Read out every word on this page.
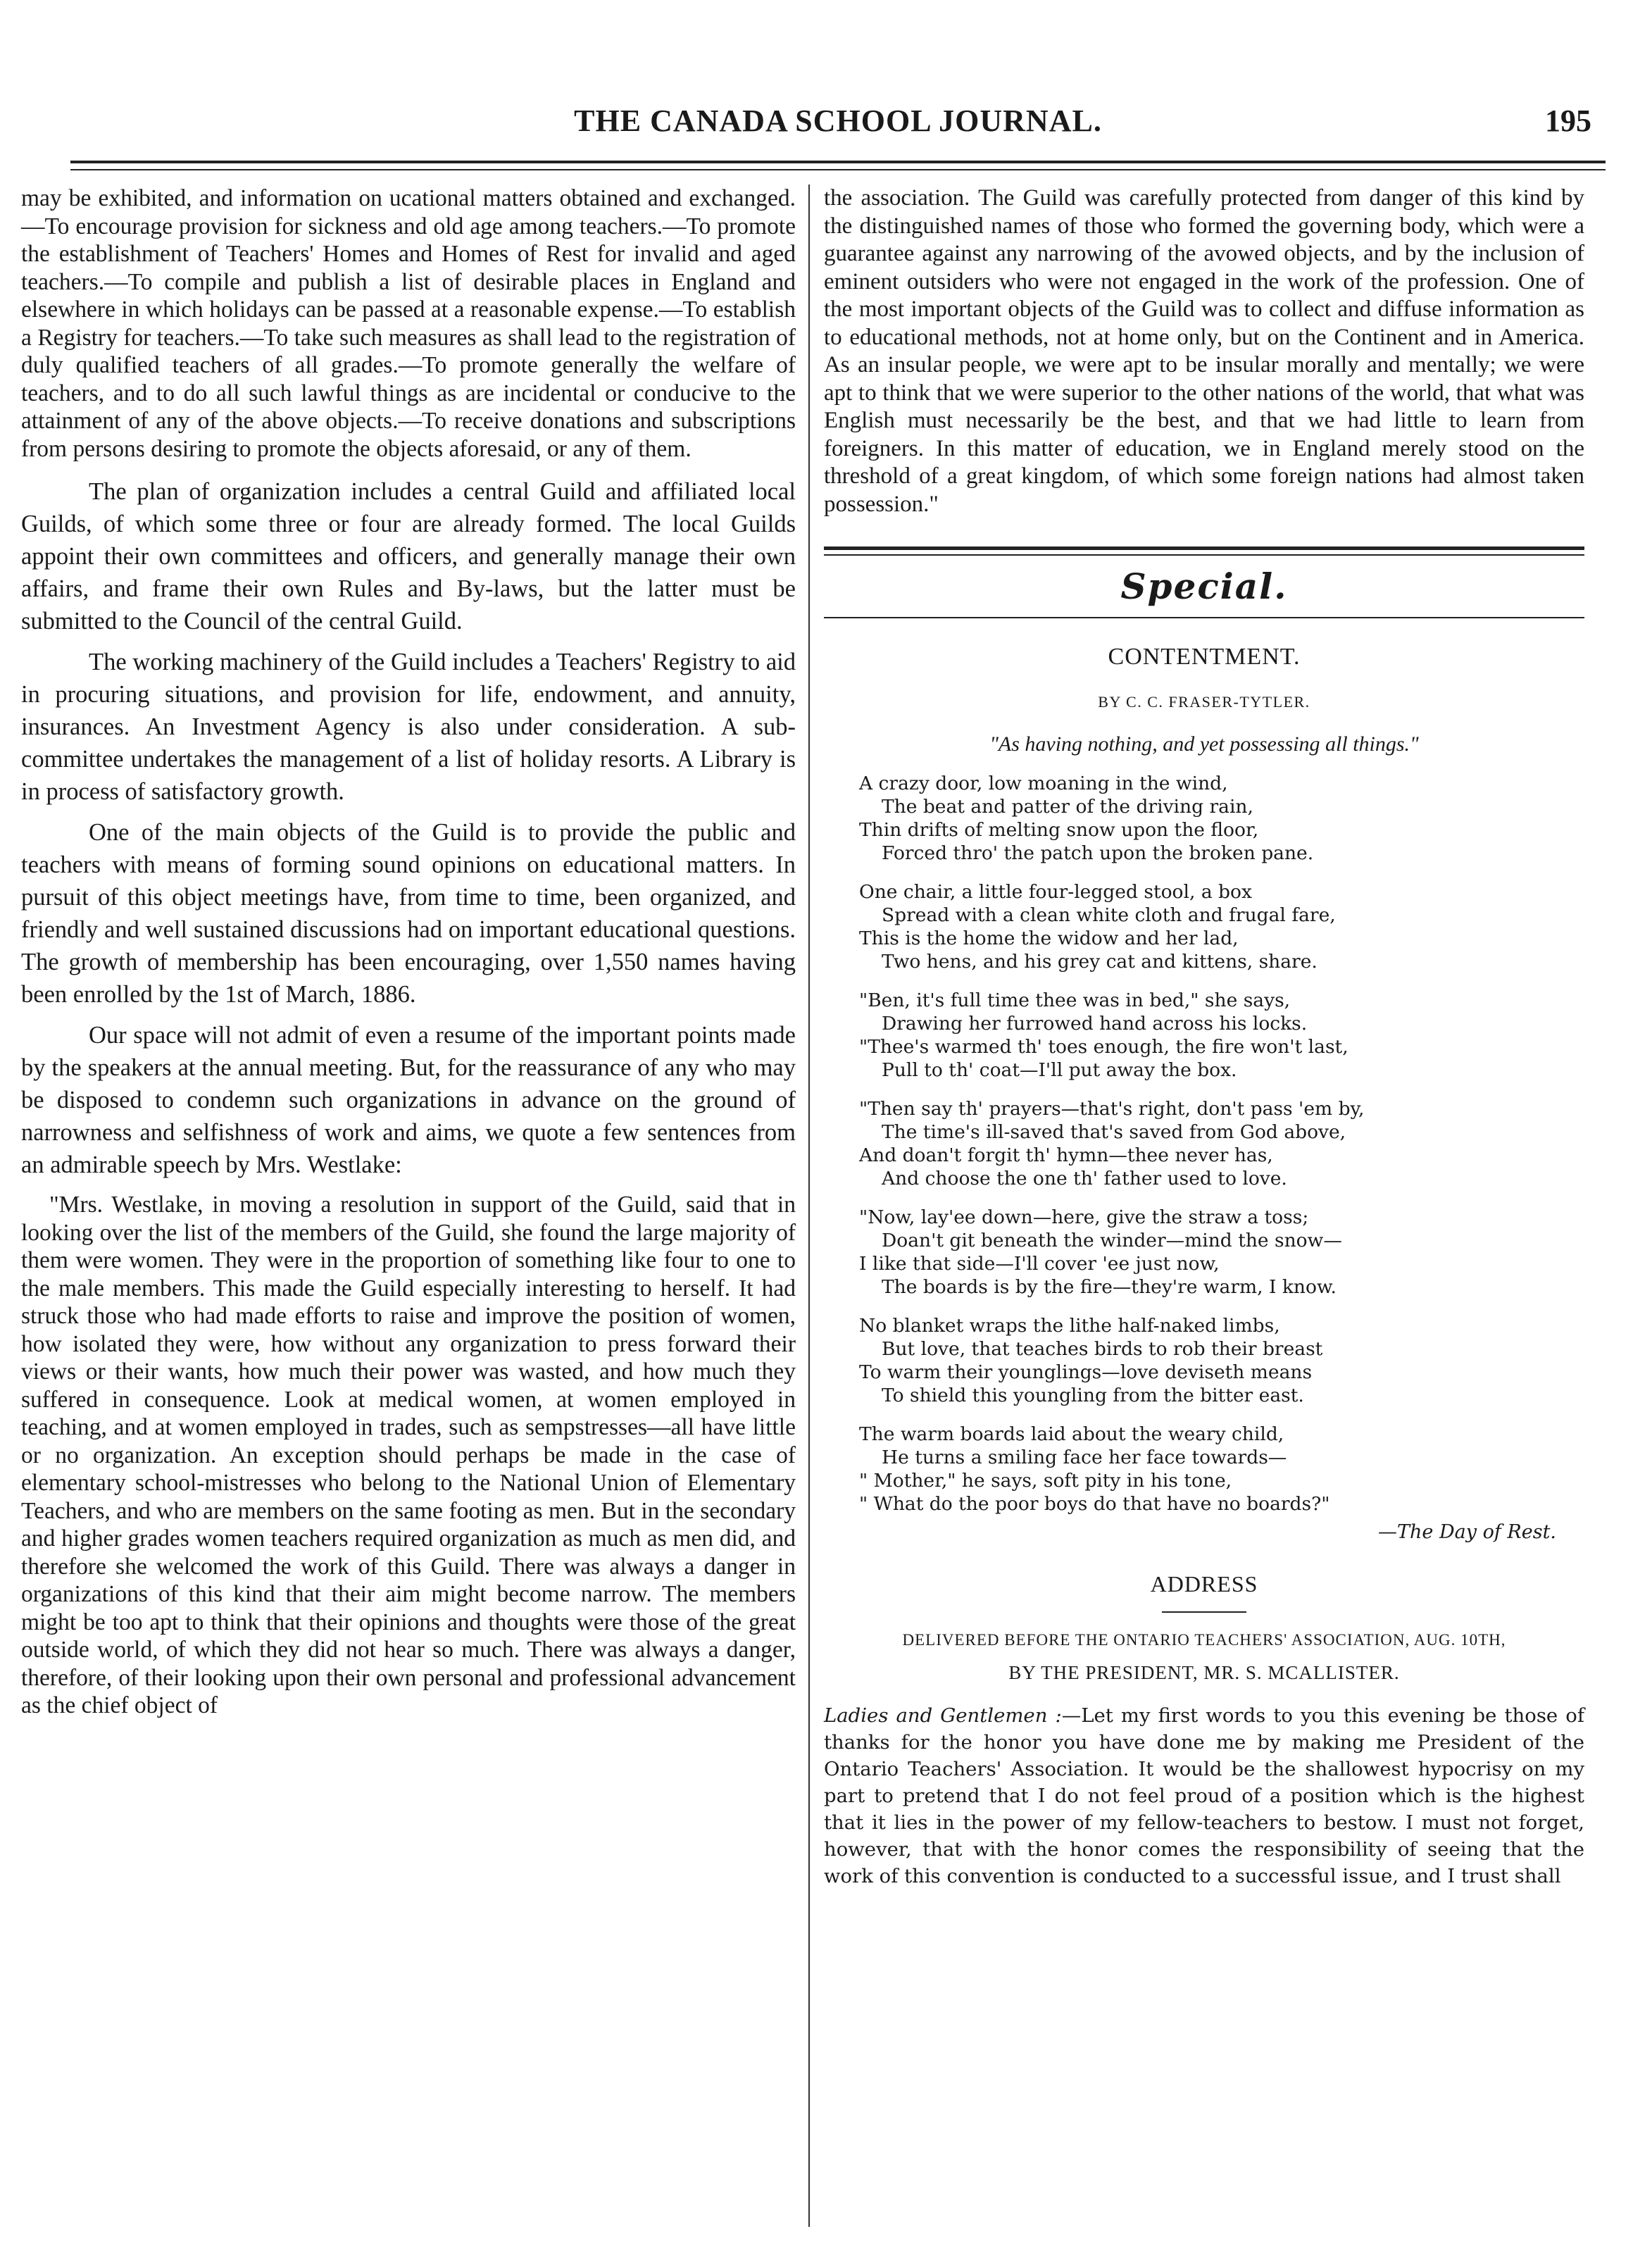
THE CANADA SCHOOL JOURNAL.	195

may be exhibited, and information on ucational matters obtained and exchanged.—To encourage provision for sickness and old age among teachers.—To promote the establishment of Teachers' Homes and Homes of Rest for invalid and aged teachers.—To compile and publish a list of desirable places in England and elsewhere in which holidays can be passed at a reasonable expense.—To establish a Registry for teachers.—To take such measures as shall lead to the registration of duly qualified teachers of all grades.—To promote generally the welfare of teachers, and to do all such lawful things as are incidental or conducive to the attainment of any of the above objects.—To receive donations and subscriptions from persons desiring to promote the objects aforesaid, or any of them.

The plan of organization includes a central Guild and affiliated local Guilds, of which some three or four are already formed. The local Guilds appoint their own committees and officers, and generally manage their own affairs, and frame their own Rules and By-laws, but the latter must be submitted to the Council of the central Guild.

The working machinery of the Guild includes a Teachers' Registry to aid in procuring situations, and provision for life, endowment, and annuity, insurances. An Investment Agency is also under consideration. A sub-committee undertakes the management of a list of holiday resorts. A Library is in process of satisfactory growth.

One of the main objects of the Guild is to provide the public and teachers with means of forming sound opinions on educational matters. In pursuit of this object meetings have, from time to time, been organized, and friendly and well sustained discussions had on important educational questions. The growth of membership has been encouraging, over 1,550 names having been enrolled by the 1st of March, 1886.

Our space will not admit of even a resume of the important points made by the speakers at the annual meeting. But, for the reassurance of any who may be disposed to condemn such organizations in advance on the ground of narrowness and selfishness of work and aims, we quote a few sentences from an admirable speech by Mrs. Westlake:

"Mrs. Westlake, in moving a resolution in support of the Guild, said that in looking over the list of the members of the Guild, she found the large majority of them were women. They were in the proportion of something like four to one to the male members. This made the Guild especially interesting to herself. It had struck those who had made efforts to raise and improve the position of women, how isolated they were, how without any organization to press forward their views or their wants, how much their power was wasted, and how much they suffered in consequence. Look at medical women, at women employed in teaching, and at women employed in trades, such as sempstresses—all have little or no organization. An exception should perhaps be made in the case of elementary school-mistresses who belong to the National Union of Elementary Teachers, and who are members on the same footing as men. But in the secondary and higher grades women teachers required organization as much as men did, and therefore she welcomed the work of this Guild. There was always a danger in organizations of this kind that their aim might become narrow. The members might be too apt to think that their opinions and thoughts were those of the great outside world, of which they did not hear so much. There was always a danger, therefore, of their looking upon their own personal and professional advancement as the chief object of

the association. The Guild was carefully protected from danger of this kind by the distinguished names of those who formed the governing body, which were a guarantee against any narrowing of the avowed objects, and by the inclusion of eminent outsiders who were not engaged in the work of the profession. One of the most important objects of the Guild was to collect and diffuse information as to educational methods, not at home only, but on the Continent and in America. As an insular people, we were apt to be insular morally and mentally; we were apt to think that we were superior to the other nations of the world, that what was English must necessarily be the best, and that we had little to learn from foreigners. In this matter of education, we in England merely stood on the threshold of a great kingdom, of which some foreign nations had almost taken possession."

Special.
CONTENTMENT.
BY C. C. FRASER-TYTLER.
"As having nothing, and yet possessing all things."
A crazy door, low moaning in the wind,
The beat and patter of the driving rain,
Thin drifts of melting snow upon the floor,
Forced thro' the patch upon the broken pane.
One chair, a little four-legged stool, a box
Spread with a clean white cloth and frugal fare,
This is the home the widow and her lad,
Two hens, and his grey cat and kittens, share.
"Ben, it's full time thee was in bed," she says,
Drawing her furrowed hand across his locks.
"Thee's warmed th' toes enough, the fire won't last,
Pull to th' coat—I'll put away the box.
"Then say th' prayers—that's right, don't pass 'em by,
The time's ill-saved that's saved from God above,
And doan't forgit th' hymn—thee never has,
And choose the one th' father used to love.
"Now, lay'ee down—here, give the straw a toss;
Doan't git beneath the winder—mind the snow—
I like that side—I'll cover 'ee just now,
The boards is by the fire—they're warm, I know.
No blanket wraps the lithe half-naked limbs,
But love, that teaches birds to rob their breast
To warm their younglings—love deviseth means
To shield this youngling from the bitter east.
The warm boards laid about the weary child,
He turns a smiling face her face towards—
" Mother," he says, soft pity in his tone,
" What do the poor boys do that have no boards?"
—The Day of Rest.
ADDRESS
DELIVERED BEFORE THE ONTARIO TEACHERS' ASSOCIATION, AUG. 10TH,
BY THE PRESIDENT, MR. S. MCALLISTER.

Ladies and Gentlemen :—Let my first words to you this evening be those of thanks for the honor you have done me by making me President of the Ontario Teachers' Association. It would be the shallowest hypocrisy on my part to pretend that I do not feel proud of a position which is the highest that it lies in the power of my fellow-teachers to bestow. I must not forget, however, that with the honor comes the responsibility of seeing that the work of this convention is conducted to a successful issue, and I trust shall
